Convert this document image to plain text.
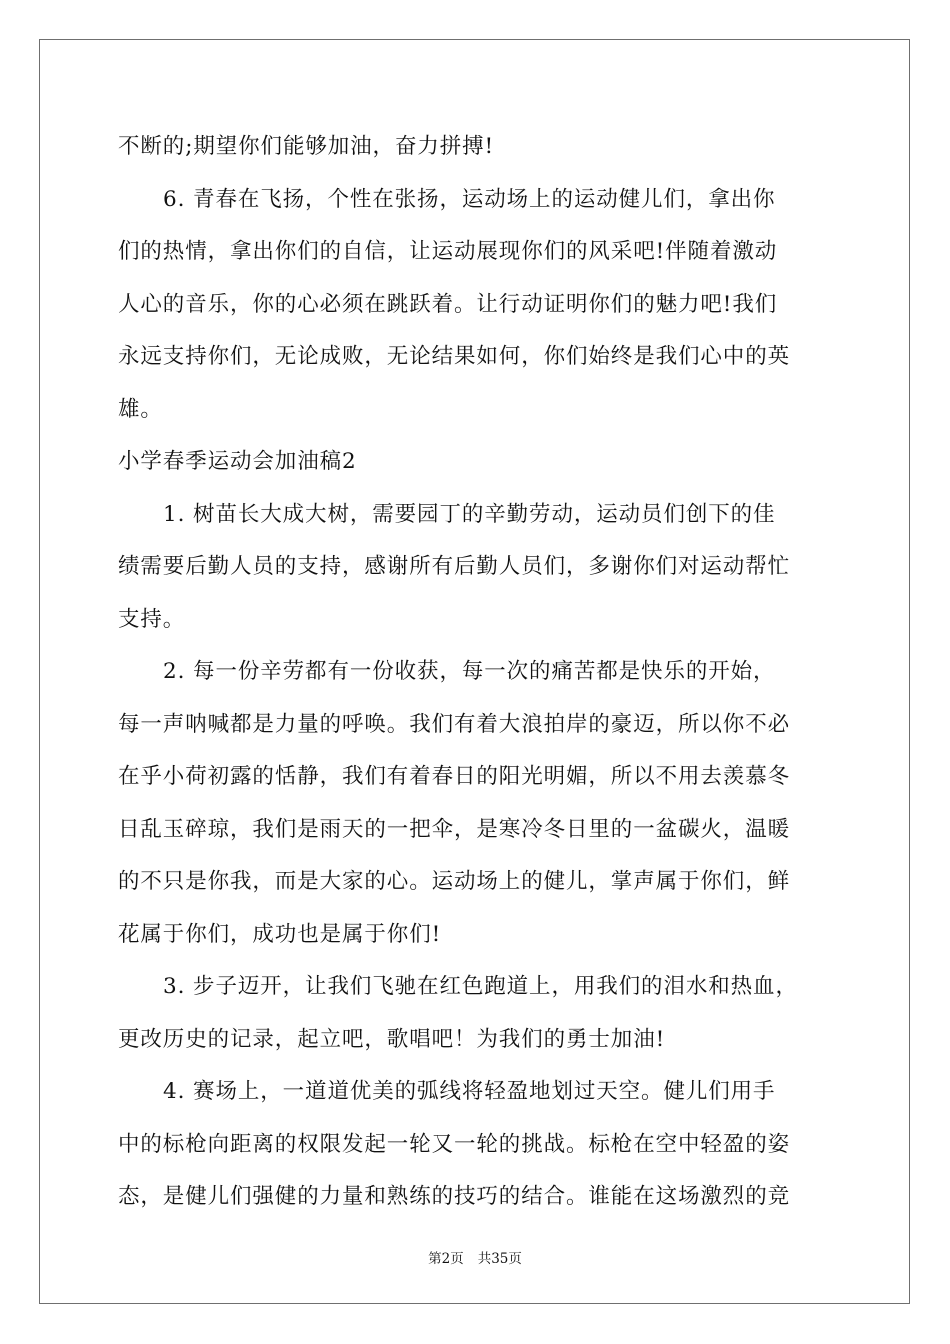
不断的;期望你们能够加油，奋力拼搏!
6. 青春在飞扬，个性在张扬，运动场上的运动健儿们，拿出你
们的热情，拿出你们的自信，让运动展现你们的风采吧!伴随着激动
人心的音乐，你的心必须在跳跃着。让行动证明你们的魅力吧!我们
永远支持你们，无论成败，无论结果如何，你们始终是我们心中的英
雄。
小学春季运动会加油稿2
1. 树苗长大成大树，需要园丁的辛勤劳动，运动员们创下的佳
绩需要后勤人员的支持，感谢所有后勤人员们，多谢你们对运动帮忙
支持。
2. 每一份辛劳都有一份收获，每一次的痛苦都是快乐的开始，
每一声呐喊都是力量的呼唤。我们有着大浪拍岸的豪迈，所以你不必
在乎小荷初露的恬静，我们有着春日的阳光明媚，所以不用去羡慕冬
日乱玉碎琼，我们是雨天的一把伞，是寒冷冬日里的一盆碳火，温暖
的不只是你我，而是大家的心。运动场上的健儿，掌声属于你们，鲜
花属于你们，成功也是属于你们!
3. 步子迈开，让我们飞驰在红色跑道上，用我们的泪水和热血，
更改历史的记录，起立吧，歌唱吧！为我们的勇士加油!
4. 赛场上，一道道优美的弧线将轻盈地划过天空。健儿们用手
中的标枪向距离的权限发起一轮又一轮的挑战。标枪在空中轻盈的姿
态，是健儿们强健的力量和熟练的技巧的结合。谁能在这场激烈的竞
第2页 共35页
